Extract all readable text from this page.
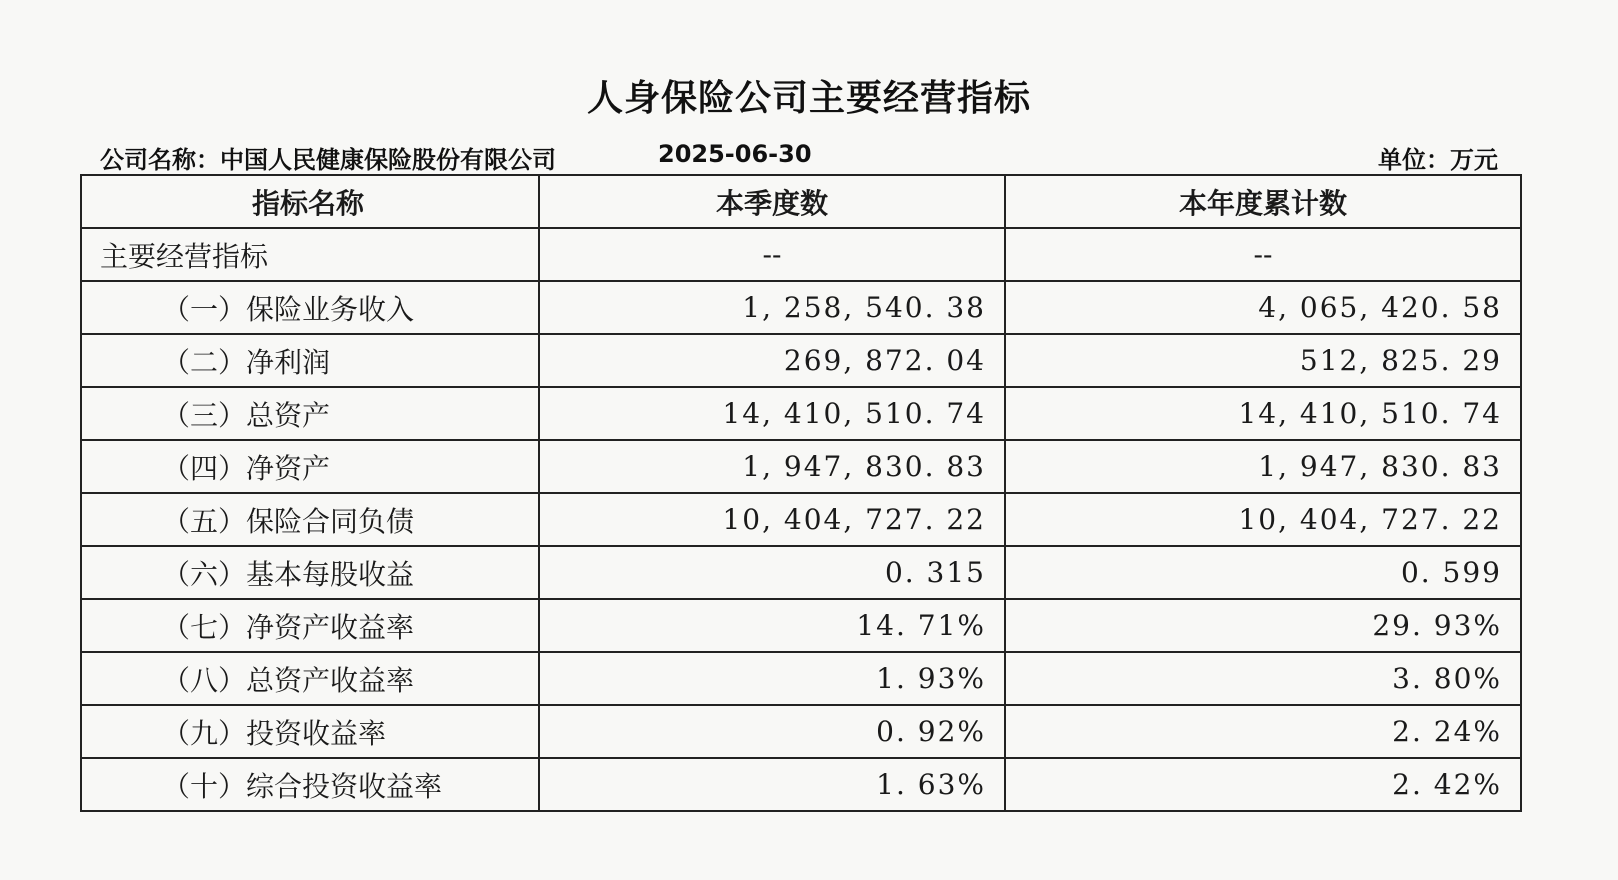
人身保险公司主要经营指标
公司名称： 中国人民健康保险股份有限公司	2025-06-30	单位：万元
指标名称	本季度数	本年度累计数
主要经营指标	--	--
（一）保险业务收入	1, 258, 540. 38	4, 065, 420. 58
（二）净利润	269, 872. 04	512, 825. 29
（三）总资产	14, 410, 510. 74	14, 410, 510. 74
（四）净资产	1, 947, 830. 83	1, 947, 830. 83
（五）保险合同负债	10, 404, 727. 22	10, 404, 727. 22
（六）基本每股收益	0. 315	0. 599
（七）净资产收益率	14. 71%	29. 93%
（八）总资产收益率	1. 93%	3. 80%
（九）投资收益率	0. 92%	2. 24%
（十）综合投资收益率	1. 63%	2. 42%
